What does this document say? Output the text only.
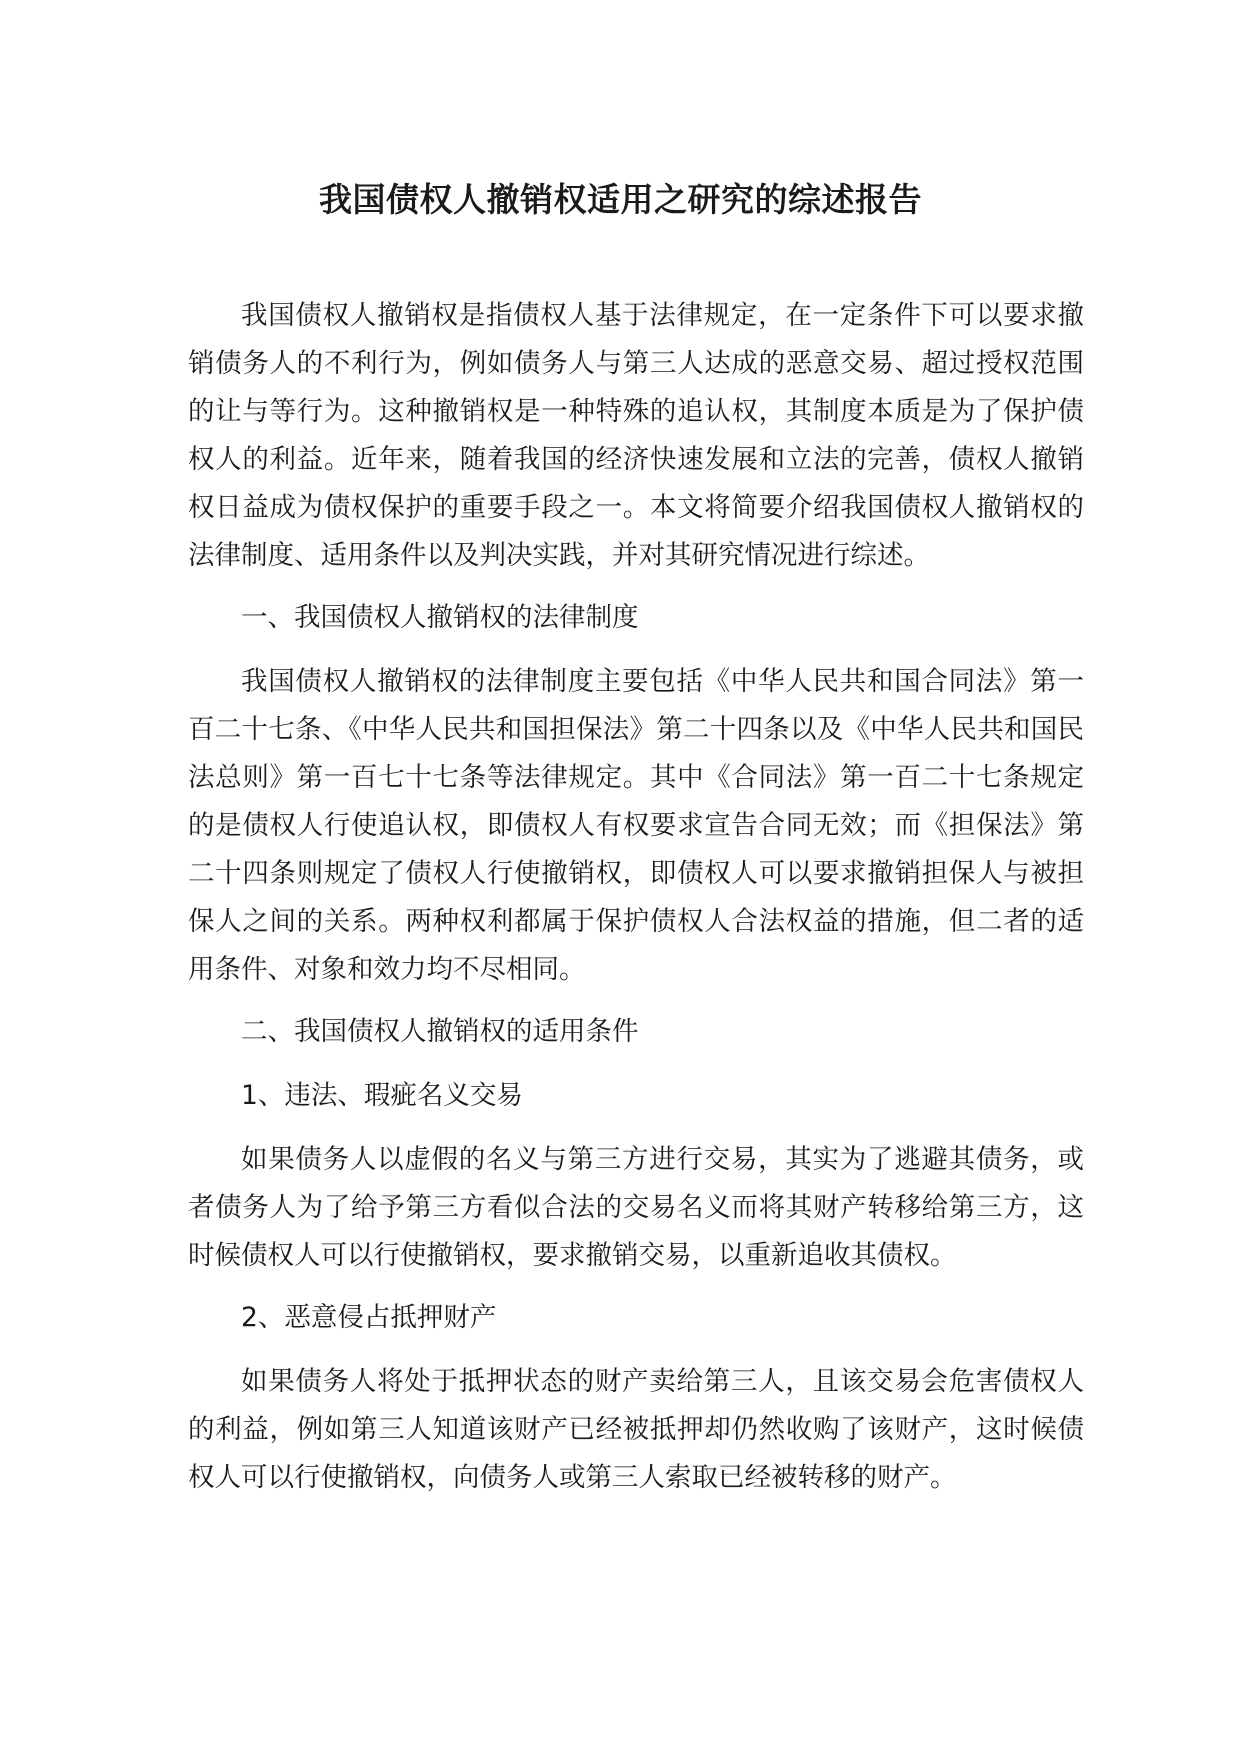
我国债权人撤销权适用之研究的综述报告

我国债权人撤销权是指债权人基于法律规定，在一定条件下可以要求撤销债务人的不利行为，例如债务人与第三人达成的恶意交易、超过授权范围的让与等行为。这种撤销权是一种特殊的追认权，其制度本质是为了保护债权人的利益。近年来，随着我国的经济快速发展和立法的完善，债权人撤销权日益成为债权保护的重要手段之一。本文将简要介绍我国债权人撤销权的法律制度、适用条件以及判决实践，并对其研究情况进行综述。

一、我国债权人撤销权的法律制度

我国债权人撤销权的法律制度主要包括《中华人民共和国合同法》第一百二十七条、《中华人民共和国担保法》第二十四条以及《中华人民共和国民法总则》第一百七十七条等法律规定。其中《合同法》第一百二十七条规定的是债权人行使追认权，即债权人有权要求宣告合同无效；而《担保法》第二十四条则规定了债权人行使撤销权，即债权人可以要求撤销担保人与被担保人之间的关系。两种权利都属于保护债权人合法权益的措施，但二者的适用条件、对象和效力均不尽相同。

二、我国债权人撤销权的适用条件

1、违法、瑕疵名义交易

如果债务人以虚假的名义与第三方进行交易，其实为了逃避其债务，或者债务人为了给予第三方看似合法的交易名义而将其财产转移给第三方，这时候债权人可以行使撤销权，要求撤销交易，以重新追收其债权。

2、恶意侵占抵押财产

如果债务人将处于抵押状态的财产卖给第三人，且该交易会危害债权人的利益，例如第三人知道该财产已经被抵押却仍然收购了该财产，这时候债权人可以行使撤销权，向债务人或第三人索取已经被转移的财产。
